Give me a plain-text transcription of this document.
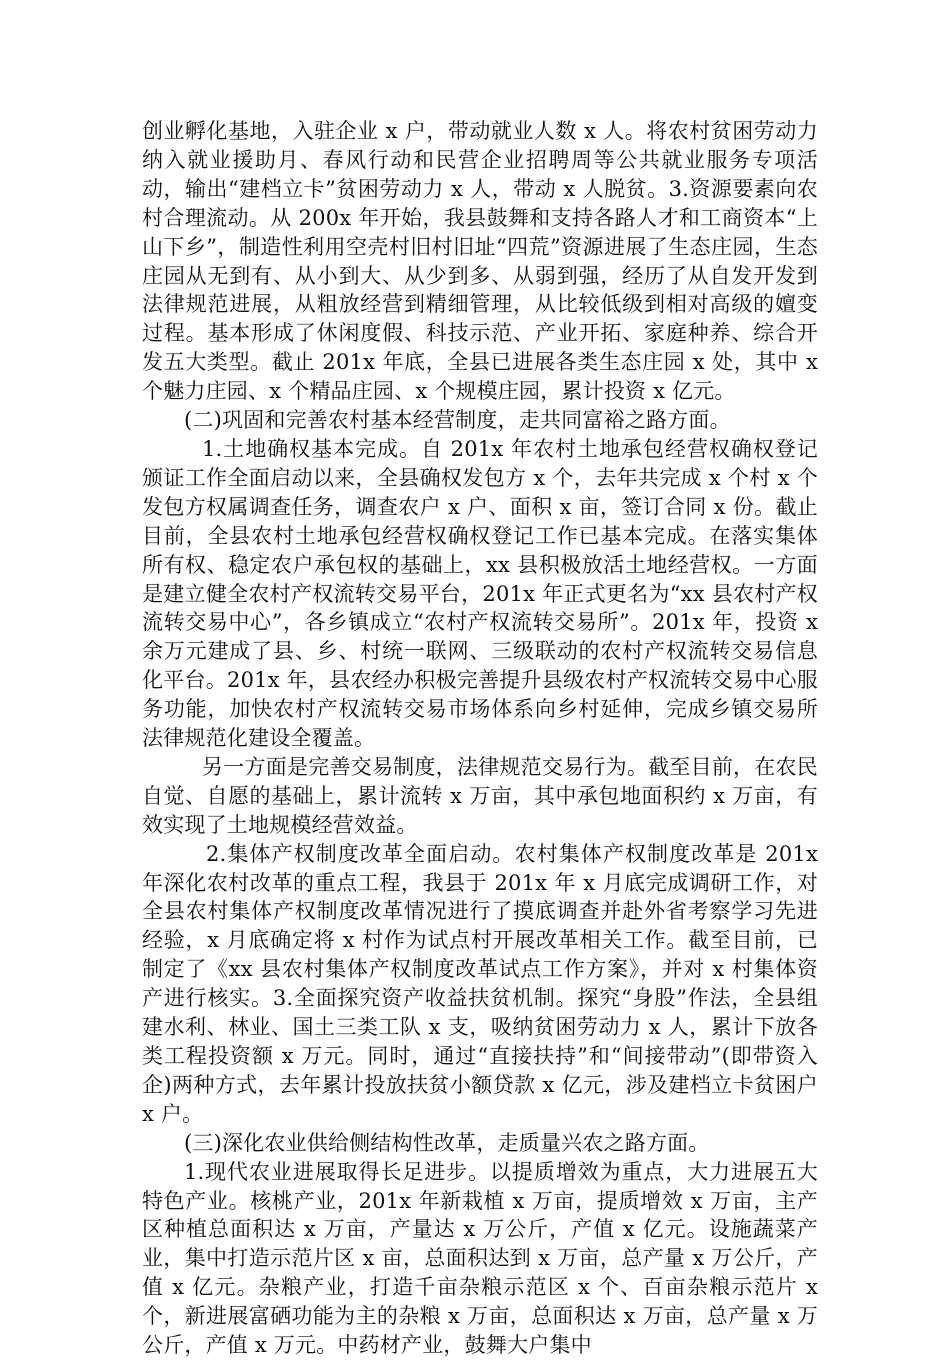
创业孵化基地，入驻企业 x 户，带动就业人数 x 人。将农村贫困劳动力纳入就业援助月、春风行动和民营企业招聘周等公共就业服务专项活动，输出“建档立卡”贫困劳动力 x 人，带动 x 人脱贫。3.资源要素向农村合理流动。从 200x 年开始，我县鼓舞和支持各路人才和工商资本“上山下乡”，制造性利用空壳村旧村旧址“四荒”资源进展了生态庄园，生态庄园从无到有、从小到大、从少到多、从弱到强，经历了从自发开发到法律规范进展，从粗放经营到精细管理，从比较低级到相对高级的嬗变过程。基本形成了休闲度假、科技示范、产业开拓、家庭种养、综合开发五大类型。截止 201x 年底，全县已进展各类生态庄园 x 处，其中 x 个魅力庄园、x 个精品庄园、x 个规模庄园，累计投资 x 亿元。

(二)巩固和完善农村基本经营制度，走共同富裕之路方面。

1.土地确权基本完成。自 201x 年农村土地承包经营权确权登记颁证工作全面启动以来，全县确权发包方 x 个，去年共完成 x 个村 x 个发包方权属调查任务，调查农户 x 户、面积 x 亩，签订合同 x 份。截止目前，全县农村土地承包经营权确权登记工作已基本完成。在落实集体所有权、稳定农户承包权的基础上，xx 县积极放活土地经营权。一方面是建立健全农村产权流转交易平台，201x 年正式更名为“xx 县农村产权流转交易中心”，各乡镇成立“农村产权流转交易所”。201x 年，投资 x 余万元建成了县、乡、村统一联网、三级联动的农村产权流转交易信息化平台。201x 年，县农经办积极完善提升县级农村产权流转交易中心服务功能，加快农村产权流转交易市场体系向乡村延伸，完成乡镇交易所法律规范化建设全覆盖。

另一方面是完善交易制度，法律规范交易行为。截至目前，在农民自觉、自愿的基础上，累计流转 x 万亩，其中承包地面积约 x 万亩，有效实现了土地规模经营效益。

2.集体产权制度改革全面启动。农村集体产权制度改革是 201x 年深化农村改革的重点工程，我县于 201x 年 x 月底完成调研工作，对全县农村集体产权制度改革情况进行了摸底调查并赴外省考察学习先进经验，x 月底确定将 x 村作为试点村开展改革相关工作。截至目前，已制定了《xx 县农村集体产权制度改革试点工作方案》，并对 x 村集体资产进行核实。3.全面探究资产收益扶贫机制。探究“身股”作法，全县组建水利、林业、国土三类工队 x 支，吸纳贫困劳动力 x 人，累计下放各类工程投资额 x 万元。同时，通过“直接扶持”和“间接带动”(即带资入企)两种方式，去年累计投放扶贫小额贷款 x 亿元，涉及建档立卡贫困户 x 户。

(三)深化农业供给侧结构性改革，走质量兴农之路方面。

1.现代农业进展取得长足进步。以提质增效为重点，大力进展五大特色产业。核桃产业，201x 年新栽植 x 万亩，提质增效 x 万亩，主产区种植总面积达 x 万亩，产量达 x 万公斤，产值 x 亿元。设施蔬菜产业，集中打造示范片区 x 亩，总面积达到 x 万亩，总产量 x 万公斤，产值 x 亿元。杂粮产业，打造千亩杂粮示范区 x 个、百亩杂粮示范片 x 个，新进展富硒功能为主的杂粮 x 万亩，总面积达 x 万亩，总产量 x 万公斤，产值 x 万元。中药材产业，鼓舞大户集中
